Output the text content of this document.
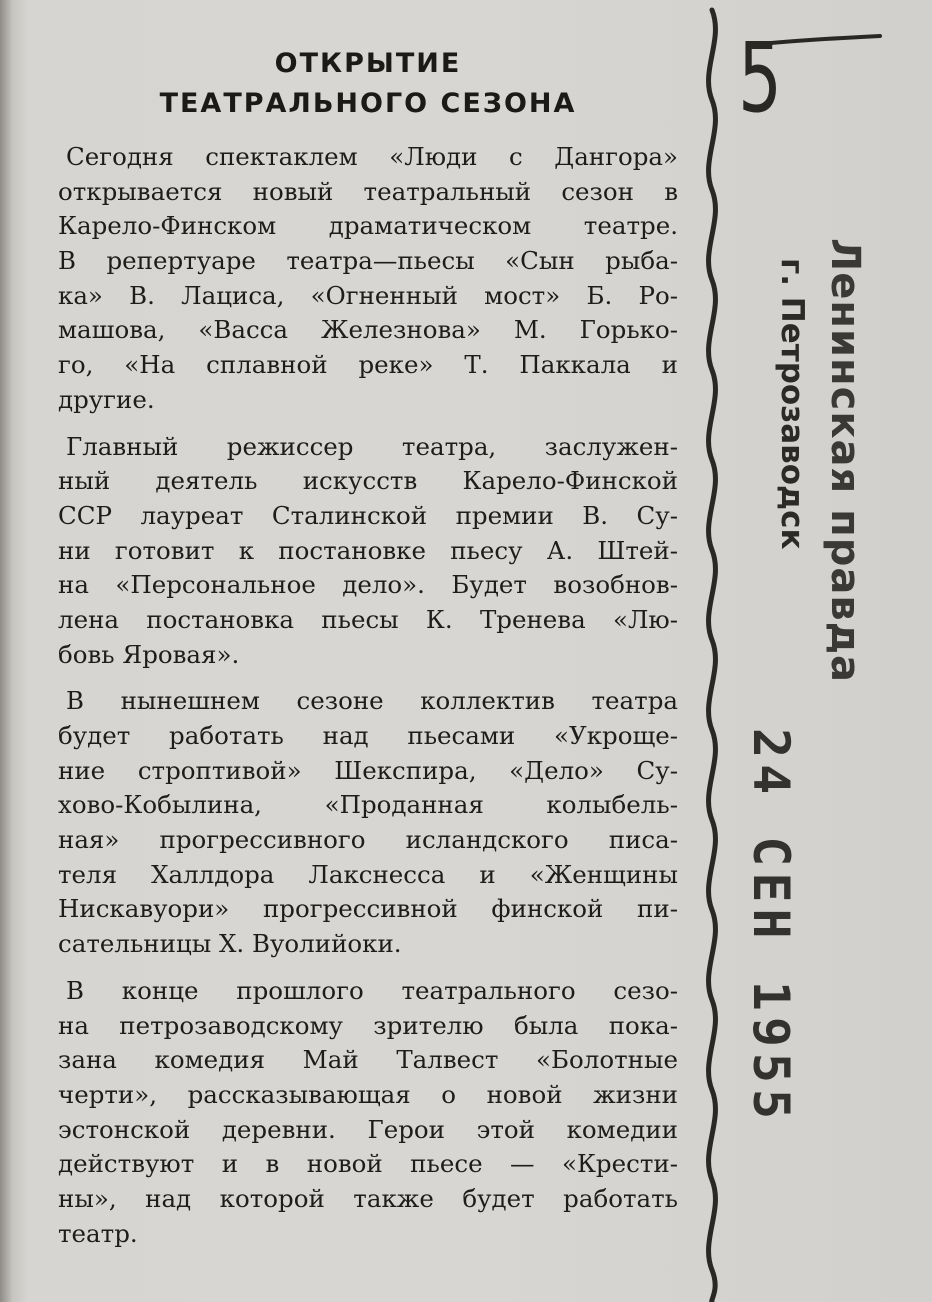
ОТКРЫТИЕ
ТЕАТРАЛЬНОГО СЕЗОНА
Сегодня спектаклем «Люди с Дангора»
открывается новый театральный сезон в
Карело-Финском драматическом театре.
В репертуаре театра—пьесы «Сын рыба-
ка» В. Лациса, «Огненный мост» Б. Ро-
машова, «Васса Железнова» М. Горько-
го, «На сплавной реке» Т. Паккала и
другие.
Главный режиссер театра, заслужен-
ный деятель искусств Карело-Финской
ССР лауреат Сталинской премии В. Су-
ни готовит к постановке пьесу А. Штей-
на «Персональное дело». Будет возобнов-
лена постановка пьесы К. Тренева «Лю-
бовь Яровая».
В нынешнем сезоне коллектив театра
будет работать над пьесами «Укроще-
ние строптивой» Шекспира, «Дело» Су-
хово-Кобылина, «Проданная колыбель-
ная» прогрессивного исландского писа-
теля Халлдора Лакснесса и «Женщины
Нискавуори» прогрессивной финской пи-
сательницы Х. Вуолийоки.
В конце прошлого театрального сезо-
на петрозаводскому зрителю была пока-
зана комедия Май Талвест «Болотные
черти», рассказывающая о новой жизни
эстонской деревни. Герои этой комедии
действуют и в новой пьесе — «Крести-
ны», над которой также будет работать
театр.
5
Ленинская правда
г. Петрозаводск
24 СЕН 1955
